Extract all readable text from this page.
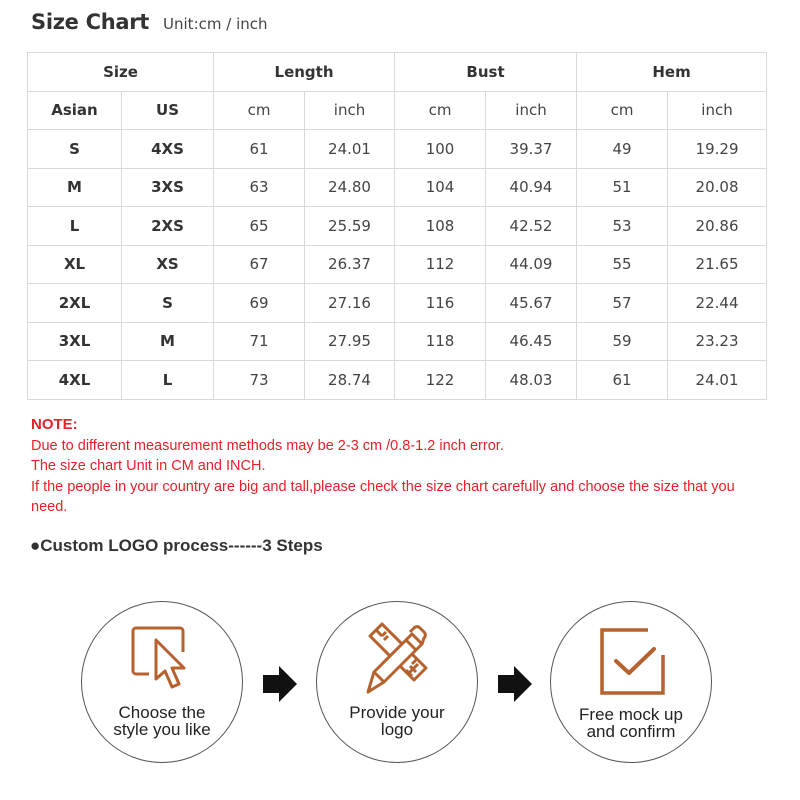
Size Chart Unit:cm / inch
Size		Length		Bust		Hem	
Asian	US	cm	inch	cm	inch	cm	inch
S	4XS	61	24.01	100	39.37	49	19.29
M	3XS	63	24.80	104	40.94	51	20.08
L	2XS	65	25.59	108	42.52	53	20.86
XL	XS	67	26.37	112	44.09	55	21.65
2XL	S	69	27.16	116	45.67	57	22.44
3XL	M	71	27.95	118	46.45	59	23.23
4XL	L	73	28.74	122	48.03	61	24.01
NOTE:
Due to different measurement methods may be 2-3 cm /0.8-1.2 inch error.
The size chart Unit in CM and INCH.
If the people in your country are big and tall,please check the size chart carefully and choose the size that you need.
●Custom LOGO process------3 Steps
Choose the
style you like
Provide your
logo
Free mock up
and confirm
